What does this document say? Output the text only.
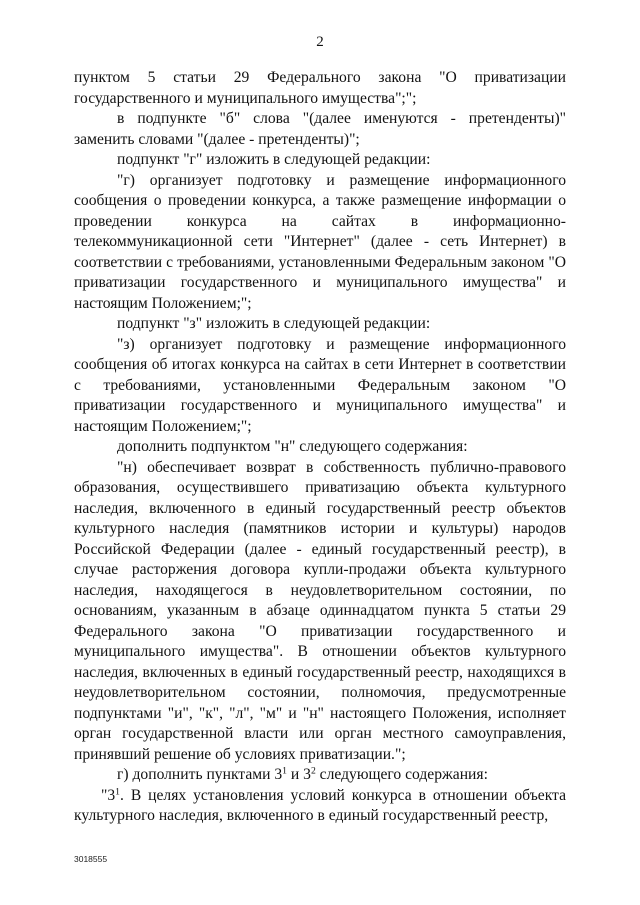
2

пунктом 5 статьи 29 Федерального закона "О приватизации государственного и муниципального имущества";";

в подпункте "б" слова "(далее именуются - претенденты)" заменить словами "(далее - претенденты)";

подпункт "г" изложить в следующей редакции:

"г) организует подготовку и размещение информационного сообщения о проведении конкурса, а также размещение информации о проведении конкурса на сайтах в информационно-телекоммуникационной сети "Интернет" (далее - сеть Интернет) в соответствии с требованиями, установленными Федеральным законом "О приватизации государственного и муниципального имущества" и настоящим Положением;";

подпункт "з" изложить в следующей редакции:

"з) организует подготовку и размещение информационного сообщения об итогах конкурса на сайтах в сети Интернет в соответствии с требованиями, установленными Федеральным законом "О приватизации государственного и муниципального имущества" и настоящим Положением;";

дополнить подпунктом "н" следующего содержания:

"н) обеспечивает возврат в собственность публично-правового образования, осуществившего приватизацию объекта культурного наследия, включенного в единый государственный реестр объектов культурного наследия (памятников истории и культуры) народов Российской Федерации (далее - единый государственный реестр), в случае расторжения договора купли-продажи объекта культурного наследия, находящегося в неудовлетворительном состоянии, по основаниям, указанным в абзаце одиннадцатом пункта 5 статьи 29 Федерального закона "О приватизации государственного и муниципального имущества". В отношении объектов культурного наследия, включенных в единый государственный реестр, находящихся в неудовлетворительном состоянии, полномочия, предусмотренные подпунктами "и", "к", "л", "м" и "н" настоящего Положения, исполняет орган государственной власти или орган местного самоуправления, принявший решение об условиях приватизации.";

г) дополнить пунктами $3^1$ и $3^2$ следующего содержания:

"$3^1$. В целях установления условий конкурса в отношении объекта культурного наследия, включенного в единый государственный реестр,

3018555
